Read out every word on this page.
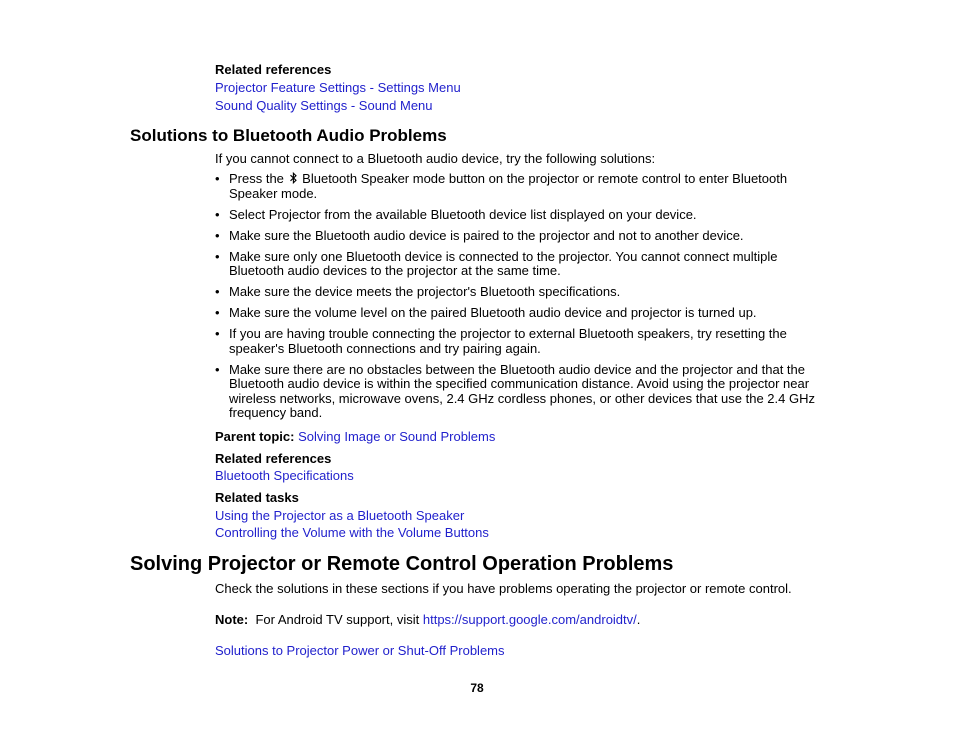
Related references
Projector Feature Settings - Settings Menu
Sound Quality Settings - Sound Menu
Solutions to Bluetooth Audio Problems
If you cannot connect to a Bluetooth audio device, try the following solutions:
• Press the Bluetooth Speaker mode button on the projector or remote control to enter Bluetooth
Speaker mode.
• Select Projector from the available Bluetooth device list displayed on your device.
• Make sure the Bluetooth audio device is paired to the projector and not to another device.
• Make sure only one Bluetooth device is connected to the projector. You cannot connect multiple
Bluetooth audio devices to the projector at the same time.
• Make sure the device meets the projector's Bluetooth specifications.
• Make sure the volume level on the paired Bluetooth audio device and projector is turned up.
• If you are having trouble connecting the projector to external Bluetooth speakers, try resetting the
speaker's Bluetooth connections and try pairing again.
• Make sure there are no obstacles between the Bluetooth audio device and the projector and that the
Bluetooth audio device is within the specified communication distance. Avoid using the projector near
wireless networks, microwave ovens, 2.4 GHz cordless phones, or other devices that use the 2.4 GHz
frequency band.
Parent topic: Solving Image or Sound Problems
Related references
Bluetooth Specifications
Related tasks
Using the Projector as a Bluetooth Speaker
Controlling the Volume with the Volume Buttons
Solving Projector or Remote Control Operation Problems
Check the solutions in these sections if you have problems operating the projector or remote control.
Note: For Android TV support, visit https://support.google.com/androidtv/.
Solutions to Projector Power or Shut-Off Problems
78
